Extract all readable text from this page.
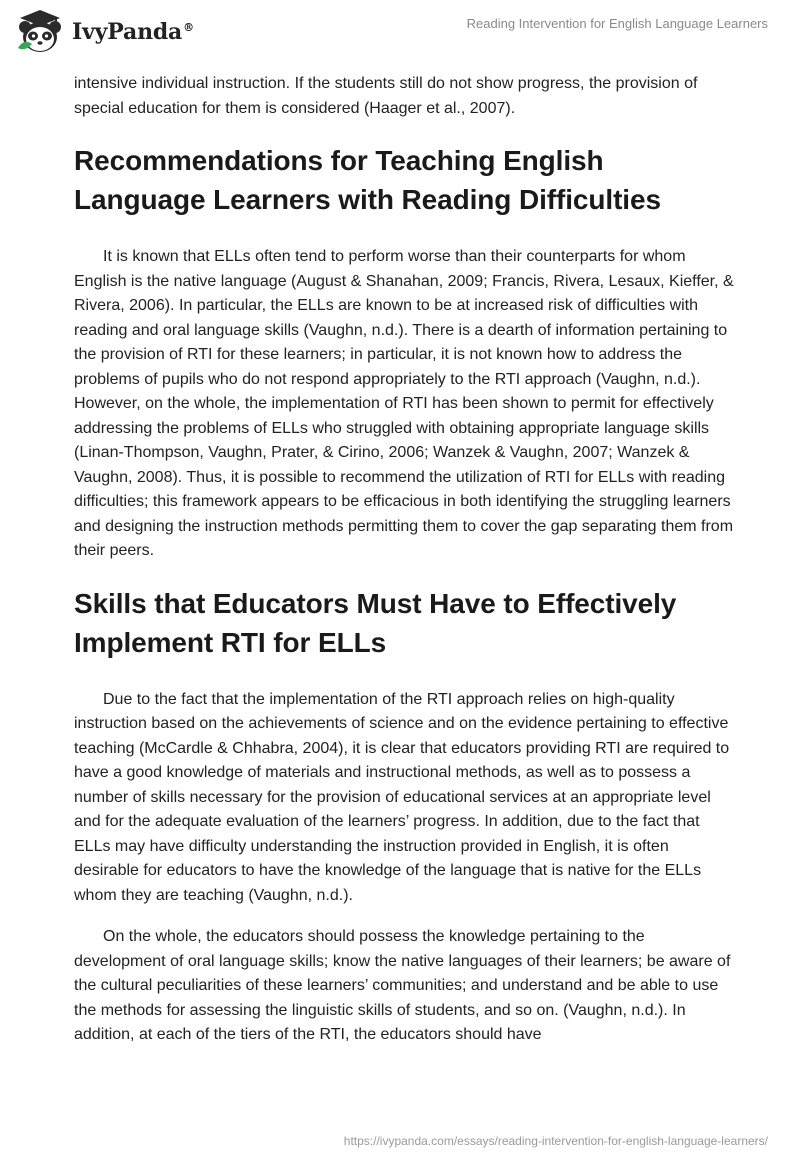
IvyPanda®	Reading Intervention for English Language Learners

intensive individual instruction. If the students still do not show progress, the provision of special education for them is considered (Haager et al., 2007).

Recommendations for Teaching English Language Learners with Reading Difficulties

It is known that ELLs often tend to perform worse than their counterparts for whom English is the native language (August & Shanahan, 2009; Francis, Rivera, Lesaux, Kieffer, & Rivera, 2006). In particular, the ELLs are known to be at increased risk of difficulties with reading and oral language skills (Vaughn, n.d.). There is a dearth of information pertaining to the provision of RTI for these learners; in particular, it is not known how to address the problems of pupils who do not respond appropriately to the RTI approach (Vaughn, n.d.). However, on the whole, the implementation of RTI has been shown to permit for effectively addressing the problems of ELLs who struggled with obtaining appropriate language skills (Linan-Thompson, Vaughn, Prater, & Cirino, 2006; Wanzek & Vaughn, 2007; Wanzek & Vaughn, 2008). Thus, it is possible to recommend the utilization of RTI for ELLs with reading difficulties; this framework appears to be efficacious in both identifying the struggling learners and designing the instruction methods permitting them to cover the gap separating them from their peers.

Skills that Educators Must Have to Effectively Implement RTI for ELLs

Due to the fact that the implementation of the RTI approach relies on high-quality instruction based on the achievements of science and on the evidence pertaining to effective teaching (McCardle & Chhabra, 2004), it is clear that educators providing RTI are required to have a good knowledge of materials and instructional methods, as well as to possess a number of skills necessary for the provision of educational services at an appropriate level and for the adequate evaluation of the learners’ progress. In addition, due to the fact that ELLs may have difficulty understanding the instruction provided in English, it is often desirable for educators to have the knowledge of the language that is native for the ELLs whom they are teaching (Vaughn, n.d.).

On the whole, the educators should possess the knowledge pertaining to the development of oral language skills; know the native languages of their learners; be aware of the cultural peculiarities of these learners’ communities; and understand and be able to use the methods for assessing the linguistic skills of students, and so on. (Vaughn, n.d.). In addition, at each of the tiers of the RTI, the educators should have

https://ivypanda.com/essays/reading-intervention-for-english-language-learners/
